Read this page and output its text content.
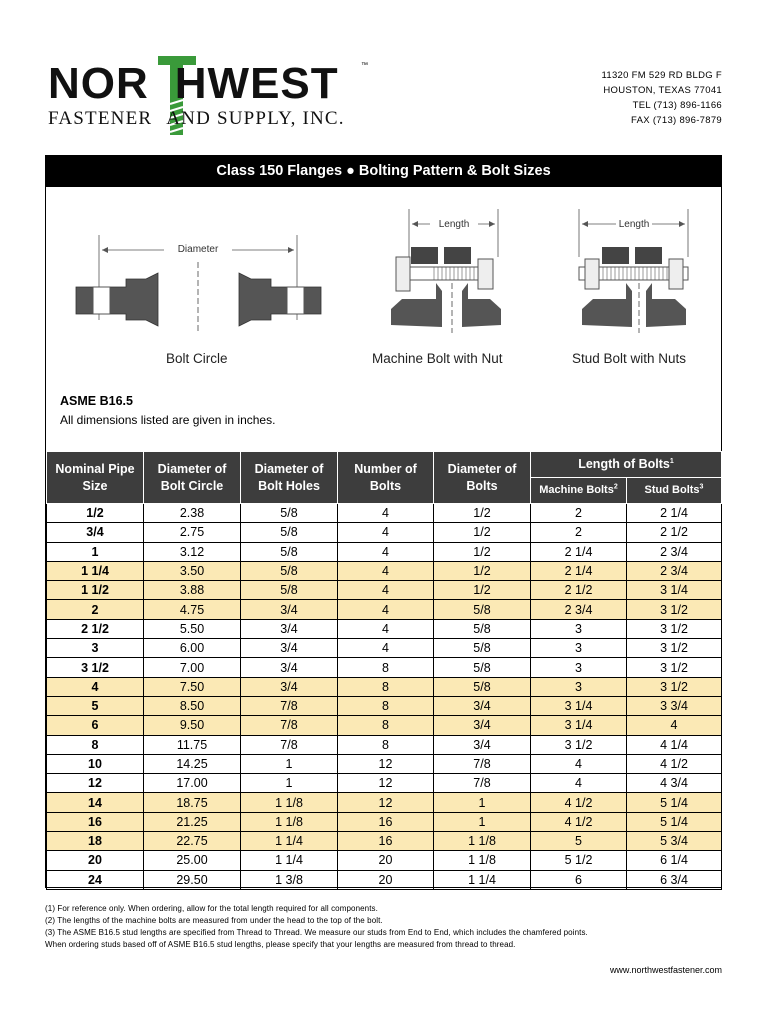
NOR HWEST	™
FASTENER AND SUPPLY, INC.
11320 FM 529 RD BLDG F
HOUSTON, TEXAS 77041
TEL (713) 896-1166
FAX (713) 896-7879
Class 150 Flanges ● Bolting Pattern & Bolt Sizes
Diameter
Length	Length
Bolt Circle	Machine Bolt with Nut	Stud Bolt with Nuts
ASME B16.5
All dimensions listed are given in inches.
Nominal Pipe Size	Diameter of Bolt Circle	Diameter of Bolt Holes	Number of Bolts	Diameter of Bolts	Length of Bolts$^1$
					Machine Bolts$^2$	Stud Bolts$^3$
1/2	2.38	5/8	4	1/2	2	2 1/4
3/4	2.75	5/8	4	1/2	2	2 1/2
1	3.12	5/8	4	1/2	2 1/4	2 3/4
1 1/4	3.50	5/8	4	1/2	2 1/4	2 3/4
1 1/2	3.88	5/8	4	1/2	2 1/2	3 1/4
2	4.75	3/4	4	5/8	2 3/4	3 1/2
2 1/2	5.50	3/4	4	5/8	3	3 1/2
3	6.00	3/4	4	5/8	3	3 1/2
3 1/2	7.00	3/4	8	5/8	3	3 1/2
4	7.50	3/4	8	5/8	3	3 1/2
5	8.50	7/8	8	3/4	3 1/4	3 3/4
6	9.50	7/8	8	3/4	3 1/4	4
8	11.75	7/8	8	3/4	3 1/2	4 1/4
10	14.25	1	12	7/8	4	4 1/2
12	17.00	1	12	7/8	4	4 3/4
14	18.75	1 1/8	12	1	4 1/2	5 1/4
16	21.25	1 1/8	16	1	4 1/2	5 1/4
18	22.75	1 1/4	16	1 1/8	5	5 3/4
20	25.00	1 1/4	20	1 1/8	5 1/2	6 1/4
24	29.50	1 3/8	20	1 1/4	6	6 3/4
(1) For reference only. When ordering, allow for the total length required for all components.
(2) The lengths of the machine bolts are measured from under the head to the top of the bolt.
(3) The ASME B16.5 stud lengths are specified from Thread to Thread. We measure our studs from End to End, which includes the chamfered points.
When ordering studs based off of ASME B16.5 stud lengths, please specify that your lengths are measured from thread to thread.
www.northwestfastener.com
